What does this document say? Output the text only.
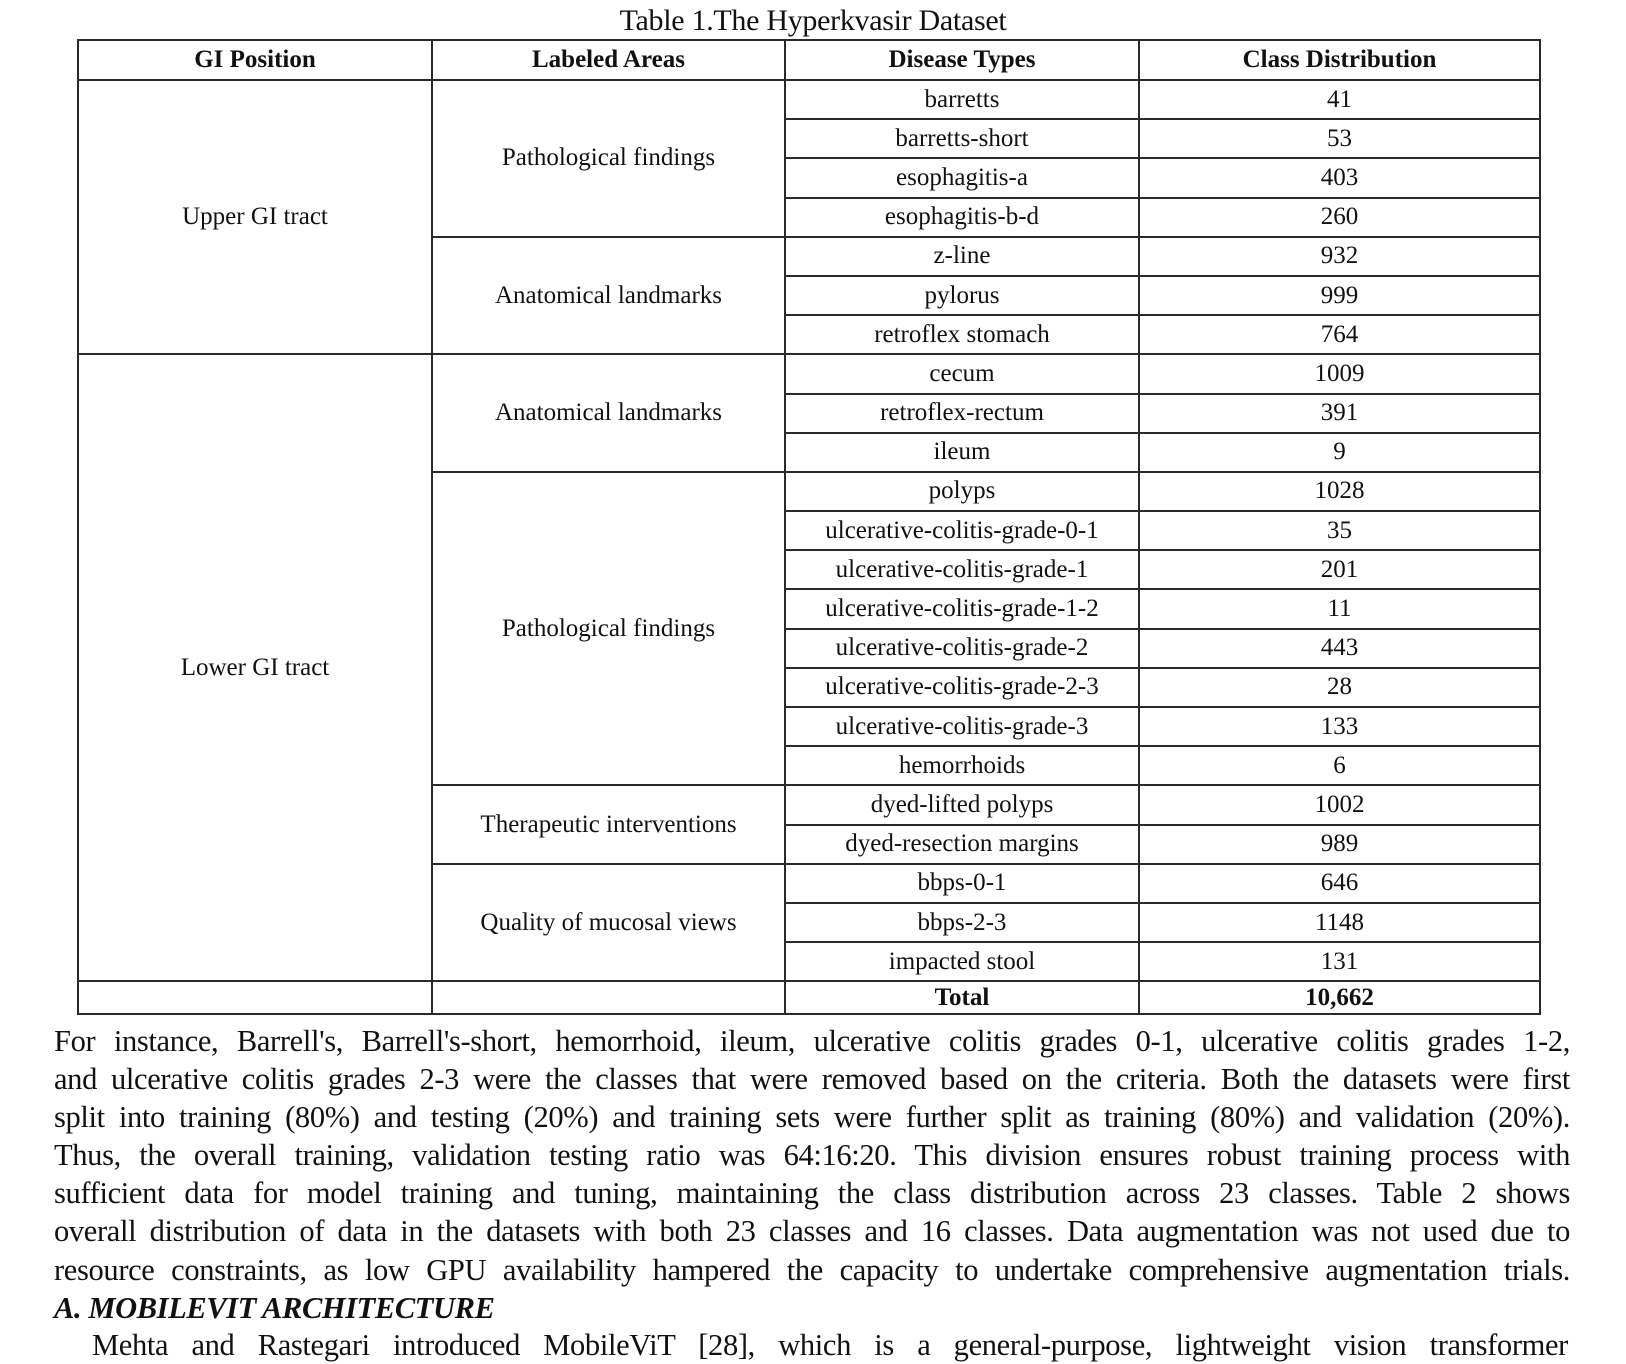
Table 1.The Hyperkvasir Dataset
GI Position	Labeled Areas	Disease Types	Class Distribution
Upper GI tract	Pathological findings	barretts	41
		barretts-short	53
		esophagitis-a	403
		esophagitis-b-d	260
	Anatomical landmarks	z-line	932
		pylorus	999
		retroflex stomach	764
Lower GI tract	Anatomical landmarks	cecum	1009
		retroflex-rectum	391
		ileum	9
	Pathological findings	polyps	1028
		ulcerative-colitis-grade-0-1	35
		ulcerative-colitis-grade-1	201
		ulcerative-colitis-grade-1-2	11
		ulcerative-colitis-grade-2	443
		ulcerative-colitis-grade-2-3	28
		ulcerative-colitis-grade-3	133
		hemorrhoids	6
	Therapeutic interventions	dyed-lifted polyps	1002
		dyed-resection margins	989
	Quality of mucosal views	bbps-0-1	646
		bbps-2-3	1148
		impacted stool	131
		Total	10,662
For instance, Barrell's, Barrell's-short, hemorrhoid, ileum, ulcerative colitis grades 0-1, ulcerative colitis grades 1-2,
and ulcerative colitis grades 2-3 were the classes that were removed based on the criteria. Both the datasets were first
split into training (80%) and testing (20%) and training sets were further split as training (80%) and validation (20%).
Thus, the overall training, validation testing ratio was 64:16:20. This division ensures robust training process with
sufficient data for model training and tuning, maintaining the class distribution across 23 classes. Table 2 shows
overall distribution of data in the datasets with both 23 classes and 16 classes. Data augmentation was not used due to
resource constraints, as low GPU availability hampered the capacity to undertake comprehensive augmentation trials.
A. MOBILEVIT ARCHITECTURE
Mehta and Rastegari introduced MobileViT [28], which is a general-purpose, lightweight vision transformer
